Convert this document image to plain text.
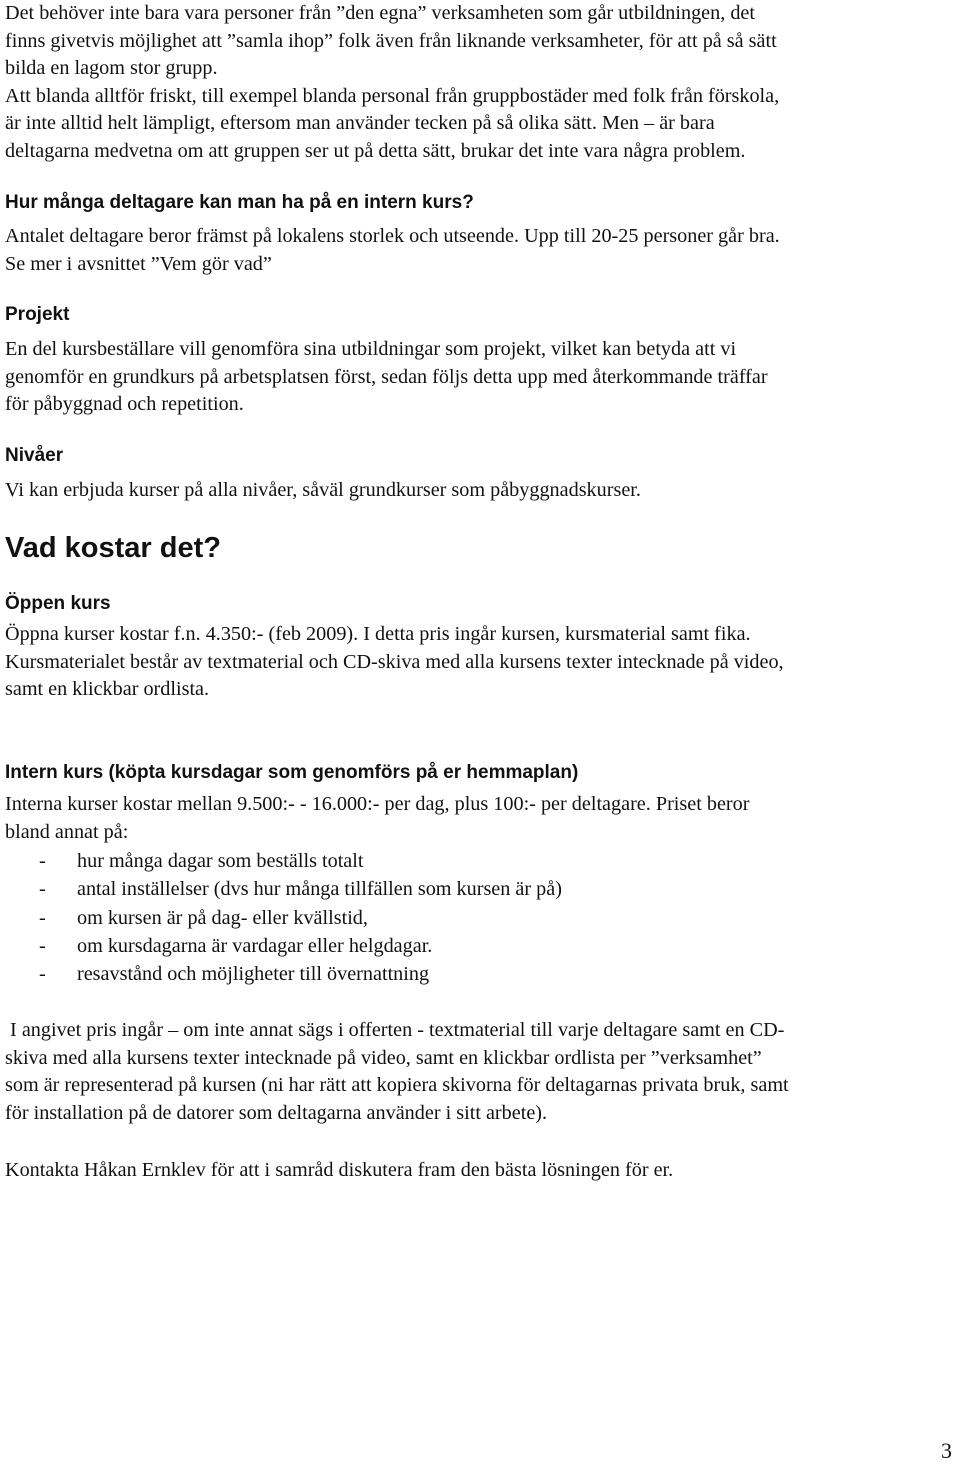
Det behöver inte bara vara personer från ”den egna” verksamheten som går utbildningen, det

finns givetvis möjlighet att ”samla ihop” folk även från liknande verksamheter, för att på så sätt

bilda en lagom stor grupp.

Att blanda alltför friskt, till exempel blanda personal från gruppbostäder med folk från förskola,

är inte alltid helt lämpligt, eftersom man använder tecken på så olika sätt. Men – är bara

deltagarna medvetna om att gruppen ser ut på detta sätt, brukar det inte vara några problem.

Hur många deltagare kan man ha på en intern kurs?

Antalet deltagare beror främst på lokalens storlek och utseende. Upp till 20-25 personer går bra.

Se mer i avsnittet ”Vem gör vad”

Projekt

En del kursbeställare vill genomföra sina utbildningar som projekt, vilket kan betyda att vi

genomför en grundkurs på arbetsplatsen först, sedan följs detta upp med återkommande träffar

för påbyggnad och repetition.

Nivåer

Vi kan erbjuda kurser på alla nivåer, såväl grundkurser som påbyggnadskurser.

Vad kostar det?
Öppen kurs

Öppna kurser kostar f.n. 4.350:- (feb 2009). I detta pris ingår kursen, kursmaterial samt fika.

Kursmaterialet består av textmaterial och CD-skiva med alla kursens texter intecknade på video,

samt en klickbar ordlista.

Intern kurs (köpta kursdagar som genomförs på er hemmaplan)

Interna kurser kostar mellan 9.500:- - 16.000:- per dag, plus 100:- per deltagare. Priset beror

bland annat på:

- hur många dagar som beställs totalt
- antal inställelser (dvs hur många tillfällen som kursen är på)
- om kursen är på dag- eller kvällstid,
- om kursdagarna är vardagar eller helgdagar.
- resavstånd och möjligheter till övernattning

I angivet pris ingår – om inte annat sägs i offerten - textmaterial till varje deltagare samt en CD-

skiva med alla kursens texter intecknade på video, samt en klickbar ordlista per ”verksamhet”

som är representerad på kursen (ni har rätt att kopiera skivorna för deltagarnas privata bruk, samt

för installation på de datorer som deltagarna använder i sitt arbete).

Kontakta Håkan Ernklev för att i samråd diskutera fram den bästa lösningen för er.

3
